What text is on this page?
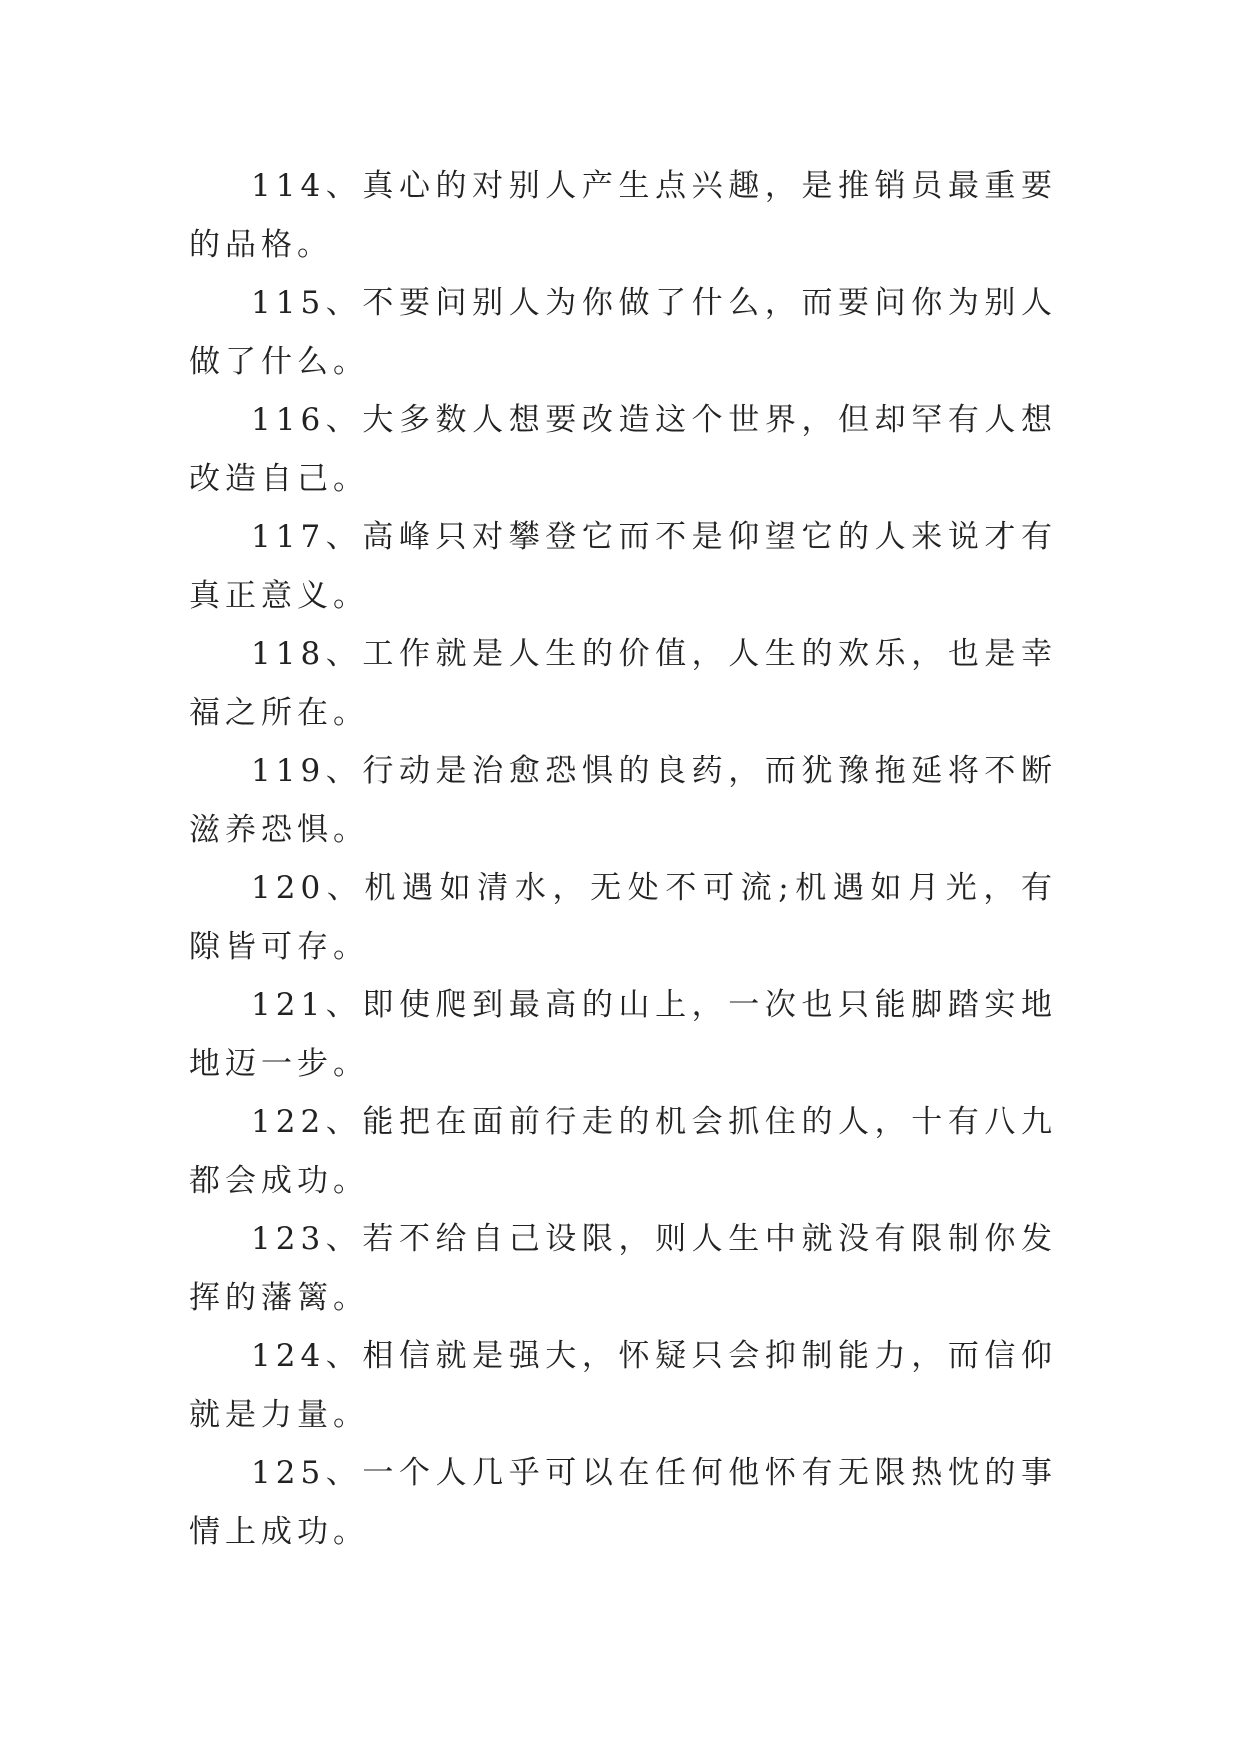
114、真心的对别人产生点兴趣，是推销员最重要的品格。

115、不要问别人为你做了什么，而要问你为别人做了什么。

116、大多数人想要改造这个世界，但却罕有人想改造自己。

117、高峰只对攀登它而不是仰望它的人来说才有真正意义。

118、工作就是人生的价值，人生的欢乐，也是幸福之所在。

119、行动是治愈恐惧的良药，而犹豫拖延将不断滋养恐惧。

120、机遇如清水，无处不可流;机遇如月光，有隙皆可存。

121、即使爬到最高的山上，一次也只能脚踏实地地迈一步。

122、能把在面前行走的机会抓住的人，十有八九都会成功。

123、若不给自己设限，则人生中就没有限制你发挥的藩篱。

124、相信就是强大，怀疑只会抑制能力，而信仰就是力量。

125、一个人几乎可以在任何他怀有无限热忱的事情上成功。
